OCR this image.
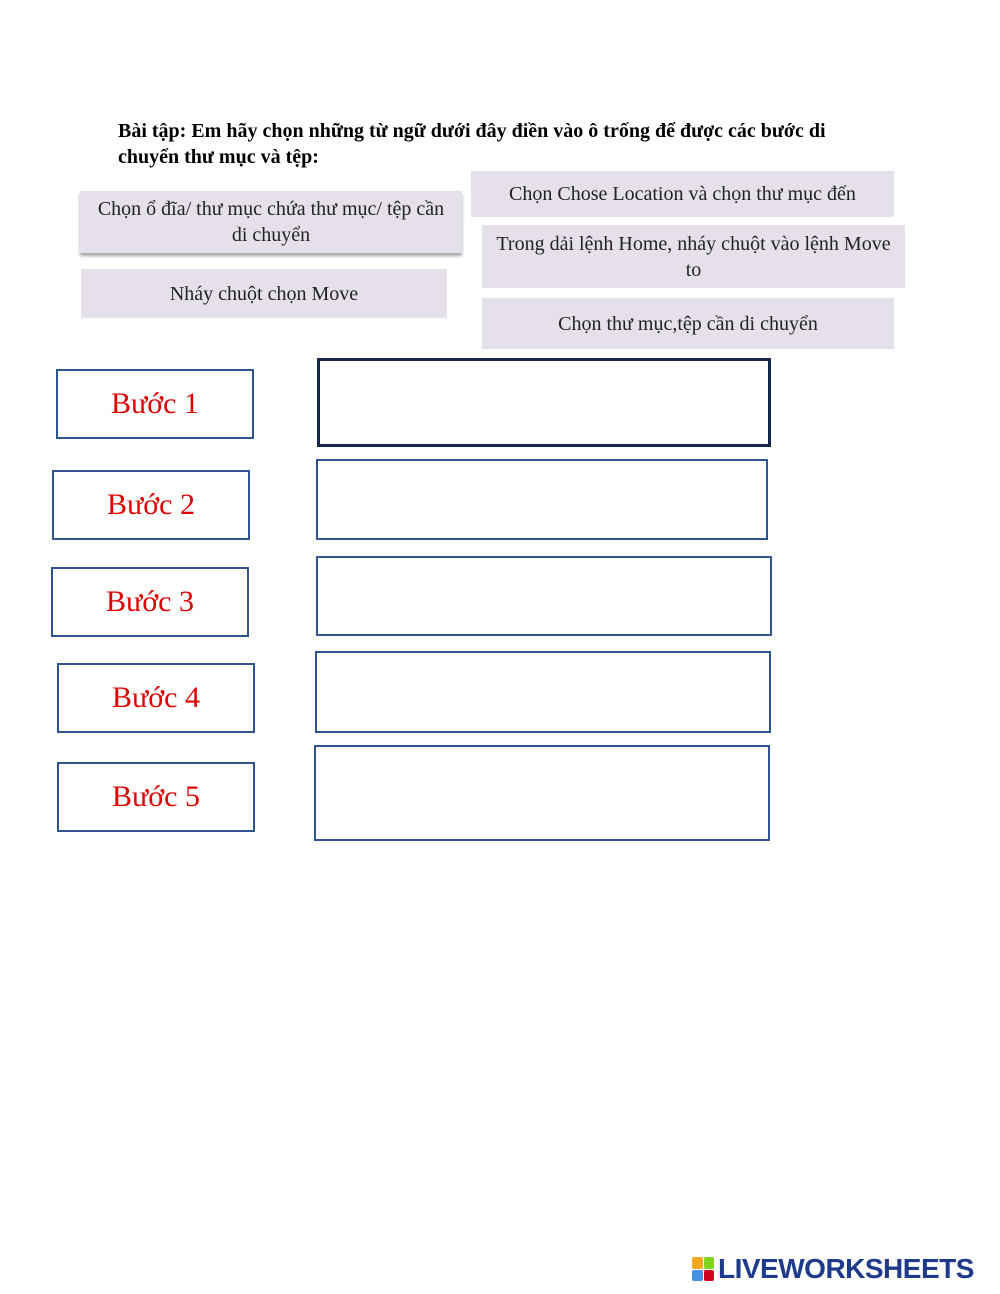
Bài tập: Em hãy chọn những từ ngữ dưới đây điền vào ô trống để được các bước di chuyển thư mục và tệp:
Chọn ổ đĩa/ thư mục chứa thư mục/ tệp cần di chuyển
Nháy chuột chọn Move
Chọn Chose Location và chọn thư mục đến
Trong dải lệnh Home, nháy chuột vào lệnh Move to
Chọn thư mục,tệp cần di chuyển
Bước 1
Bước 2
Bước 3
Bước 4
Bước 5
LIVEWORKSHEETS
